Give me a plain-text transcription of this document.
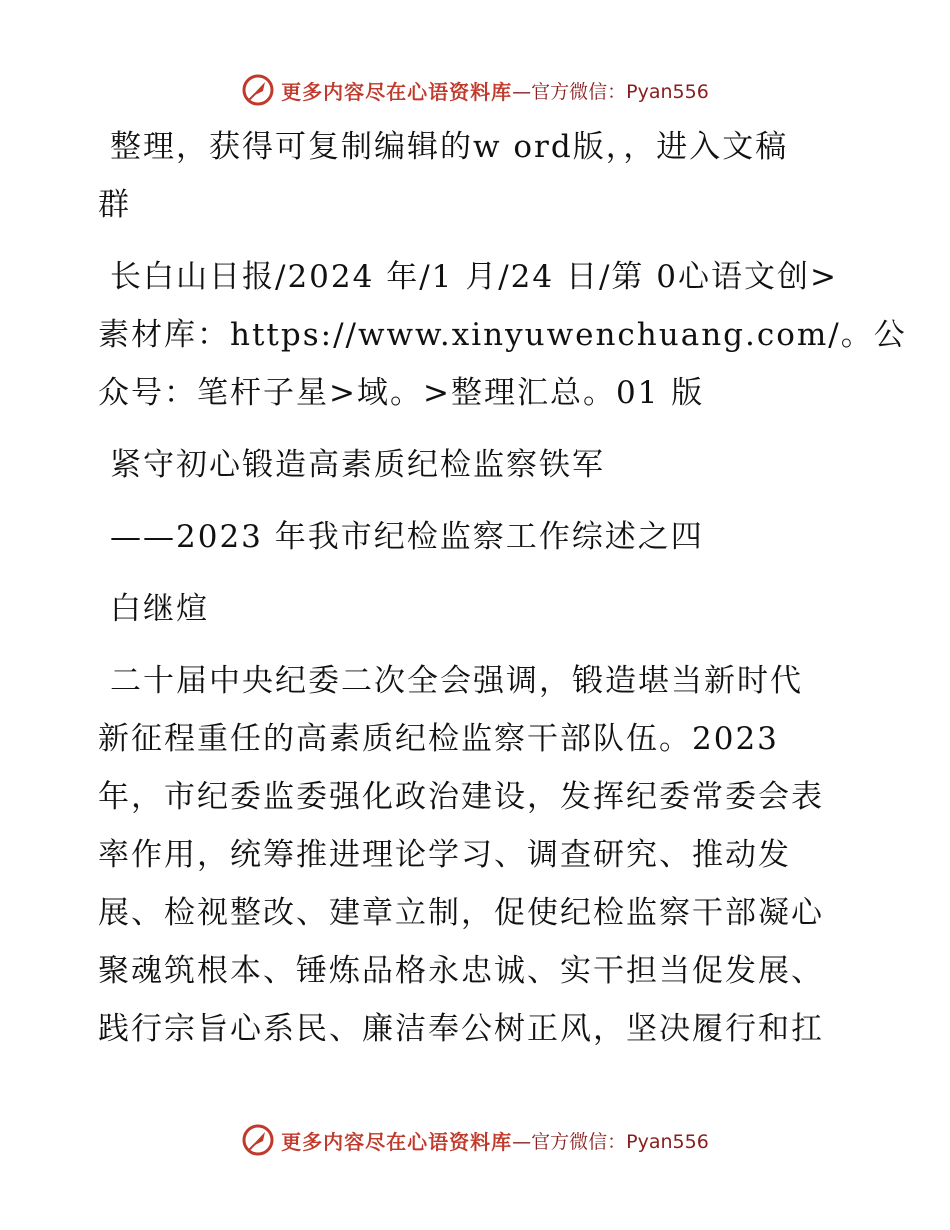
更多内容尽在心语资料库 —官方微信：Pyan556

整理，获得可复制编辑的w ord版，，进入文稿
群

长白山日报/2024 年/1 月/24 日/第 0心语文创>
素材库：https://www.xinyuwenchuang.com/。公
众号：笔杆子星>域。>整理汇总。01 版

紧守初心锻造高素质纪检监察铁军

——2023 年我市纪检监察工作综述之四

白继煊

二十届中央纪委二次全会强调，锻造堪当新时代
新征程重任的高素质纪检监察干部队伍。2023
年，市纪委监委强化政治建设，发挥纪委常委会表
率作用，统筹推进理论学习、调查研究、推动发
展、检视整改、建章立制，促使纪检监察干部凝心
聚魂筑根本、锤炼品格永忠诚、实干担当促发展、
践行宗旨心系民、廉洁奉公树正风，坚决履行和扛

更多内容尽在心语资料库 —官方微信：Pyan556
